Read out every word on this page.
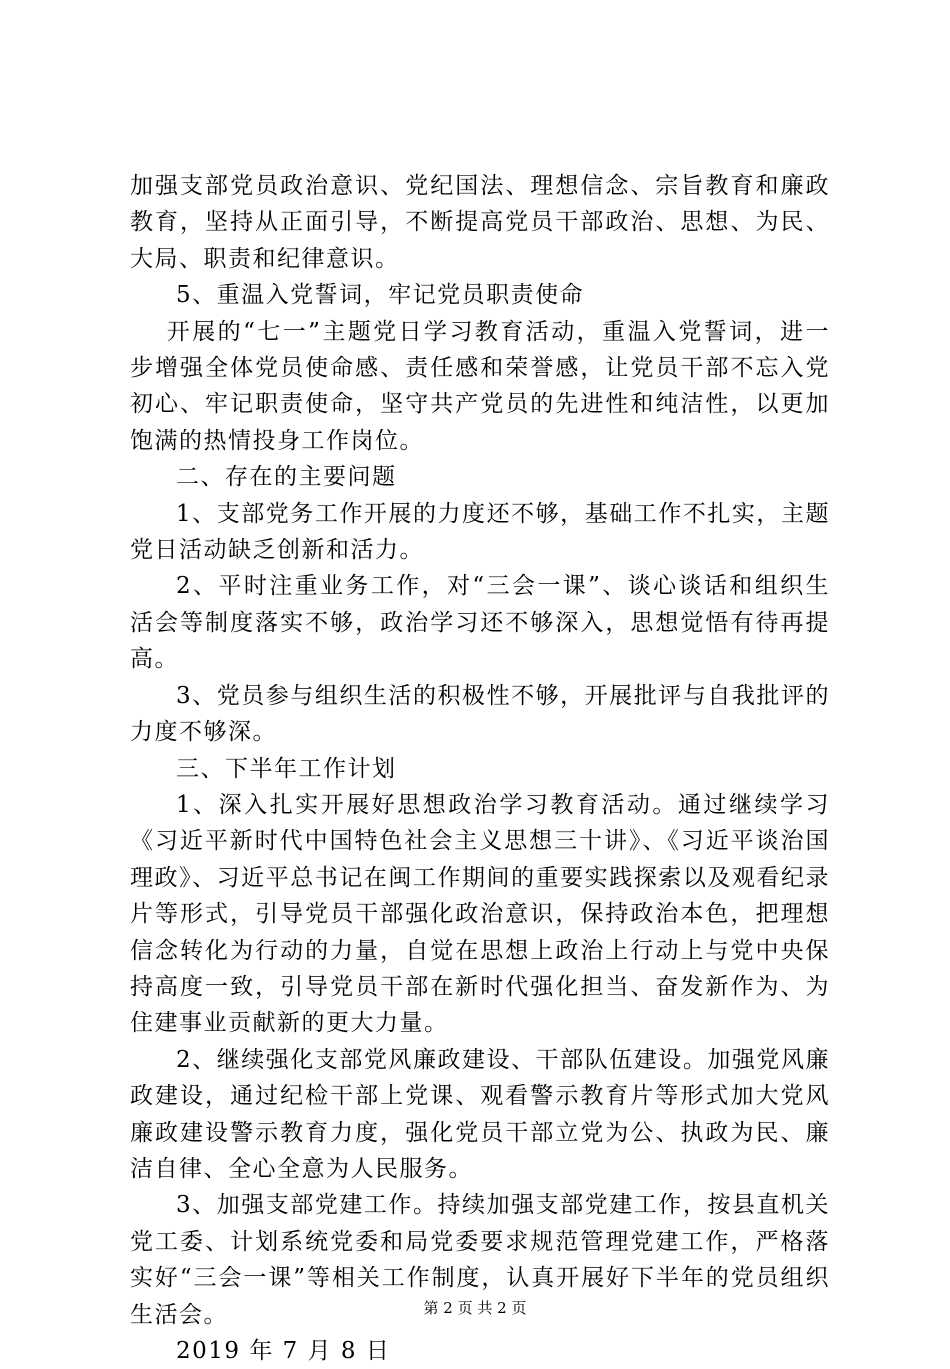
加强支部党员政治意识、党纪国法、理想信念、宗旨教育和廉政教育，坚持从正面引导，不断提高党员干部政治、思想、为民、大局、职责和纪律意识。

5、重温入党誓词，牢记党员职责使命

开展的“七一”主题党日学习教育活动，重温入党誓词，进一步增强全体党员使命感、责任感和荣誉感，让党员干部不忘入党初心、牢记职责使命，坚守共产党员的先进性和纯洁性，以更加饱满的热情投身工作岗位。

二、存在的主要问题

1、支部党务工作开展的力度还不够，基础工作不扎实，主题党日活动缺乏创新和活力。

2、平时注重业务工作，对“三会一课”、谈心谈话和组织生活会等制度落实不够，政治学习还不够深入，思想觉悟有待再提高。

3、党员参与组织生活的积极性不够，开展批评与自我批评的力度不够深。

三、下半年工作计划

1、深入扎实开展好思想政治学习教育活动。通过继续学习《习近平新时代中国特色社会主义思想三十讲》、《习近平谈治国理政》、习近平总书记在闽工作期间的重要实践探索以及观看纪录片等形式，引导党员干部强化政治意识，保持政治本色，把理想信念转化为行动的力量，自觉在思想上政治上行动上与党中央保持高度一致，引导党员干部在新时代强化担当、奋发新作为、为住建事业贡献新的更大力量。

2、继续强化支部党风廉政建设、干部队伍建设。加强党风廉政建设，通过纪检干部上党课、观看警示教育片等形式加大党风廉政建设警示教育力度，强化党员干部立党为公、执政为民、廉洁自律、全心全意为人民服务。

3、加强支部党建工作。持续加强支部党建工作，按县直机关党工委、计划系统党委和局党委要求规范管理党建工作，严格落实好“三会一课”等相关工作制度，认真开展好下半年的党员组织生活会。

2019 年 7 月 8 日

第 2 页 共 2 页
